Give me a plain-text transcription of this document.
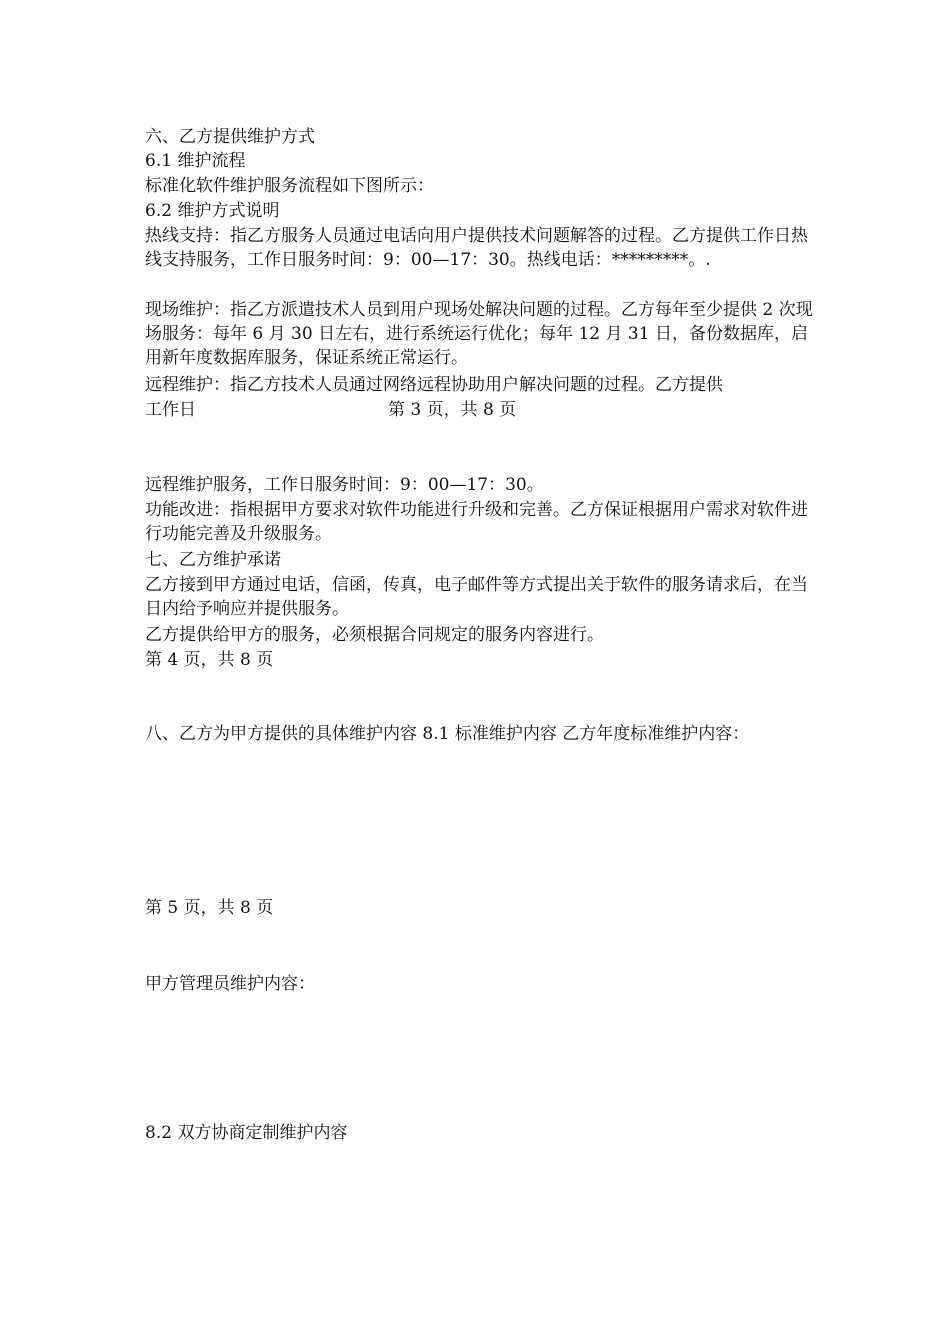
六、乙方提供维护方式
6.1 维护流程
标准化软件维护服务流程如下图所示：
6.2 维护方式说明
热线支持：指乙方服务人员通过电话向用户提供技术问题解答的过程。乙方提供工作日热线支持服务，工作日服务时间：9：00—17：30。热线电话：*********。.
现场维护：指乙方派遣技术人员到用户现场处解决问题的过程。乙方每年至少提供 2 次现场服务：每年 6 月 30 日左右，进行系统运行优化；每年 12 月 31 日，备份数据库，启用新年度数据库服务，保证系统正常运行。
远程维护：指乙方技术人员通过网络远程协助用户解决问题的过程。乙方提供
工作日	第 3 页，共 8 页
远程维护服务，工作日服务时间：9：00—17：30。
功能改进：指根据甲方要求对软件功能进行升级和完善。乙方保证根据用户需求对软件进行功能完善及升级服务。
七、乙方维护承诺
乙方接到甲方通过电话，信函，传真，电子邮件等方式提出关于软件的服务请求后，在当日内给予响应并提供服务。
乙方提供给甲方的服务，必须根据合同规定的服务内容进行。
第 4 页，共 8 页
八、乙方为甲方提供的具体维护内容 8.1 标准维护内容 乙方年度标准维护内容：
第 5 页，共 8 页
甲方管理员维护内容：
8.2 双方协商定制维护内容
